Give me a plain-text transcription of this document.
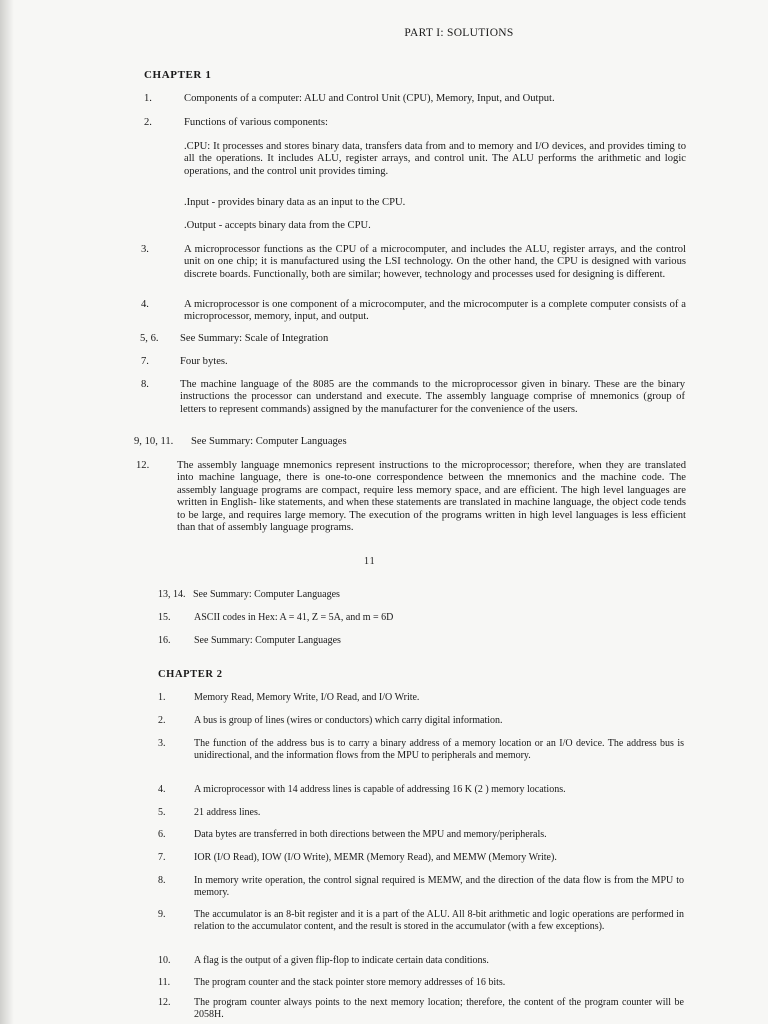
PART I: SOLUTIONS
CHAPTER 1
1.	Components of a computer: ALU and Control Unit (CPU), Memory, Input, and Output.
2.	Functions of various components:
.CPU: It processes and stores binary data, transfers data from and to memory and I/O devices, and provides timing to all the operations. It includes ALU, register arrays, and control unit. The ALU performs the arithmetic and logic operations, and the control unit provides timing.
.Input - provides binary data as an input to the CPU.
.Output - accepts binary data from the CPU.
3.	A microprocessor functions as the CPU of a microcomputer, and includes the ALU, register arrays, and the control unit on one chip; it is manufactured using the LSI technology. On the other hand, the CPU is designed with various discrete boards. Functionally, both are similar; however, technology and processes used for designing is different.
4.	A microprocessor is one component of a microcomputer, and the microcomputer is a complete computer consists of a microprocessor, memory, input, and output.
5, 6. See Summary: Scale of Integration
7.	Four bytes.
8.	The machine language of the 8085 are the commands to the microprocessor given in binary. These are the binary instructions the processor can understand and execute. The assembly language comprise of mnemonics (group of letters to represent commands) assigned by the manufacturer for the convenience of the users.
9, 10, 11. See Summary: Computer Languages
12.	The assembly language mnemonics represent instructions to the microprocessor; therefore, when they are translated into machine language, there is one-to-one correspondence between the mnemonics and the machine code. The assembly language programs are compact, require less memory space, and are efficient. The high level languages are written in English- like statements, and when these statements are translated in machine language, the object code tends to be large, and requires large memory. The execution of the programs written in high level languages is less efficient than that of assembly language programs.
11
13, 14. See Summary: Computer Languages
15. ASCII codes in Hex: A = 41, Z = 5A, and m = 6D
16. See Summary: Computer Languages
CHAPTER 2
1.	Memory Read, Memory Write, I/O Read, and I/O Write.
2.	A bus is group of lines (wires or conductors) which carry digital information.
3.	The function of the address bus is to carry a binary address of a memory location or an I/O device. The address bus is unidirectional, and the information flows from the MPU to peripherals and memory.
4.	A microprocessor with 14 address lines is capable of addressing 16 K (2 ) memory locations.
5.	21 address lines.
6.	Data bytes are transferred in both directions between the MPU and memory/peripherals.
7.	IOR (I/O Read), IOW (I/O Write), MEMR (Memory Read), and MEMW (Memory Write).
8.	In memory write operation, the control signal required is MEMW, and the direction of the data flow is from the MPU to memory.
9.	The accumulator is an 8-bit register and it is a part of the ALU. All 8-bit arithmetic and logic operations are performed in relation to the accumulator content, and the result is stored in the accumulator (with a few exceptions).
10. A flag is the output of a given flip-flop to indicate certain data conditions.
11. The program counter and the stack pointer store memory addresses of 16 bits.
12. The program counter always points to the next memory location; therefore, the content of the program counter will be 2058H.
